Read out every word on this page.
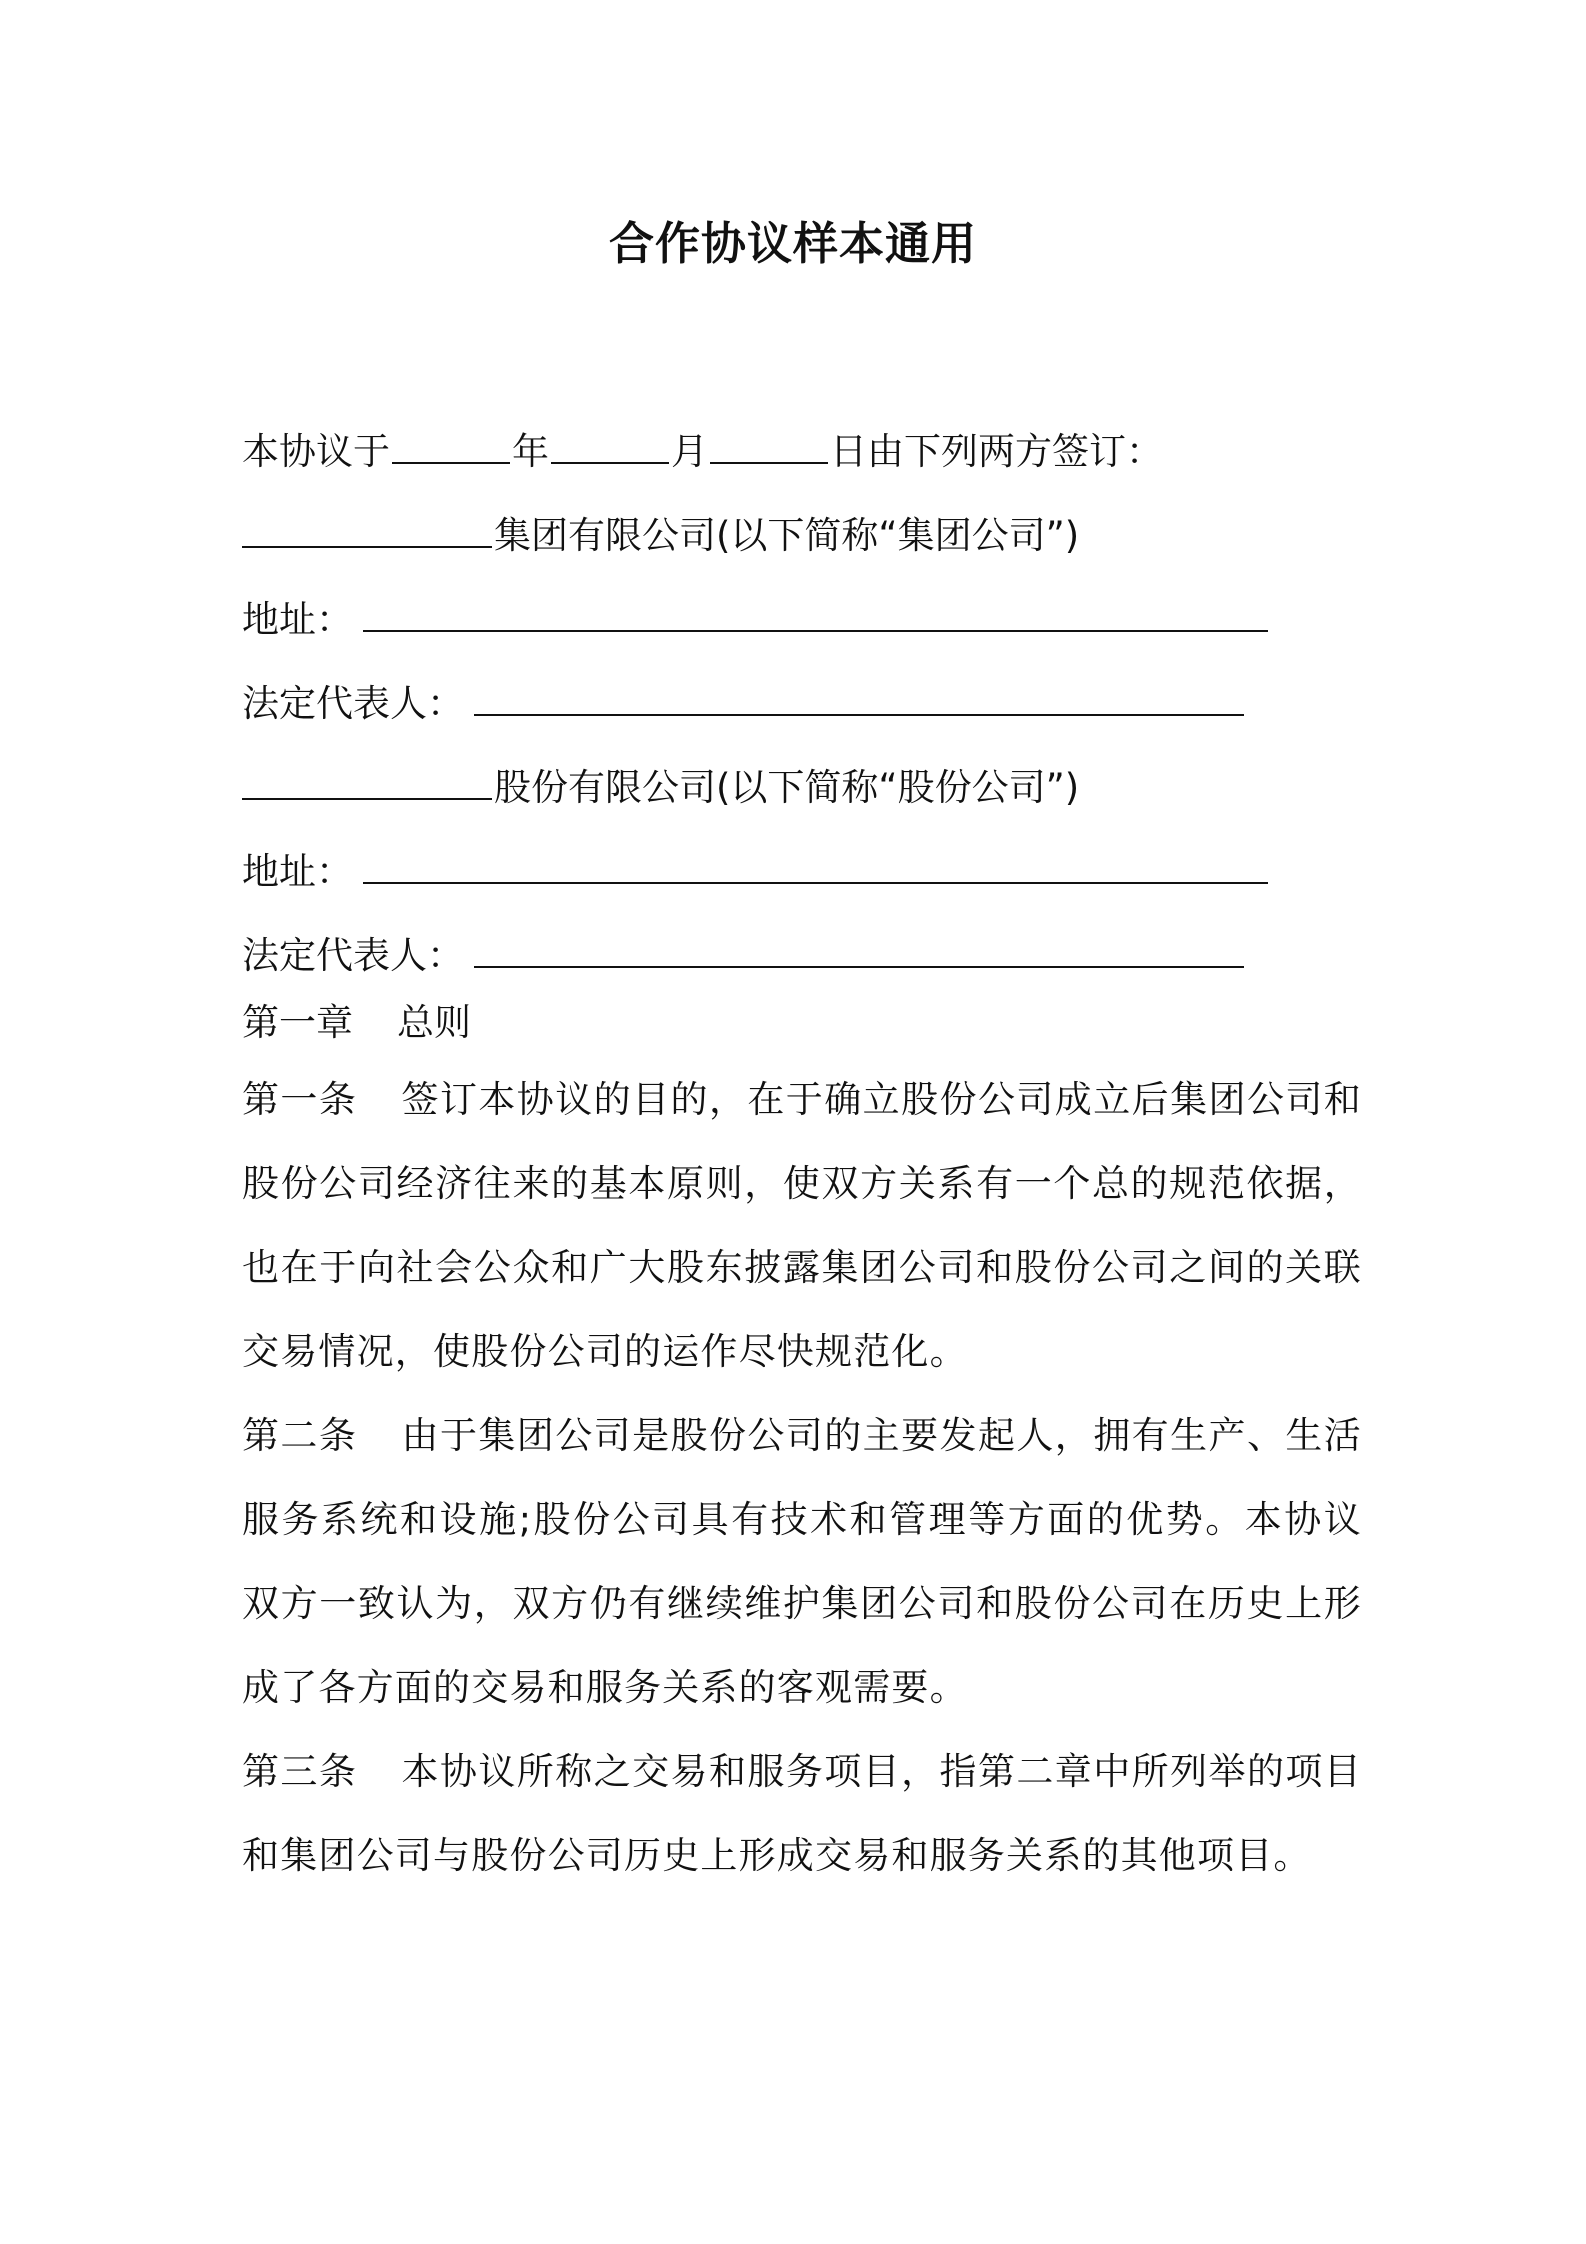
合作协议样本通用
本协议于	年	月	日由下列两方签订：
集团有限公司(以下简称“集团公司”)
地址：
法定代表人：
股份有限公司(以下简称“股份公司”)
地址：
法定代表人：
第一章 总则
第一条 签订本协议的目的，在于确立股份公司成立后集团公司和股份公司经济往来的基本原则，使双方关系有一个总的规范依据，也在于向社会公众和广大股东披露集团公司和股份公司之间的关联交易情况，使股份公司的运作尽快规范化。
第二条 由于集团公司是股份公司的主要发起人，拥有生产、生活服务系统和设施;股份公司具有技术和管理等方面的优势。本协议双方一致认为，双方仍有继续维护集团公司和股份公司在历史上形成了各方面的交易和服务关系的客观需要。
第三条 本协议所称之交易和服务项目，指第二章中所列举的项目和集团公司与股份公司历史上形成交易和服务关系的其他项目。
